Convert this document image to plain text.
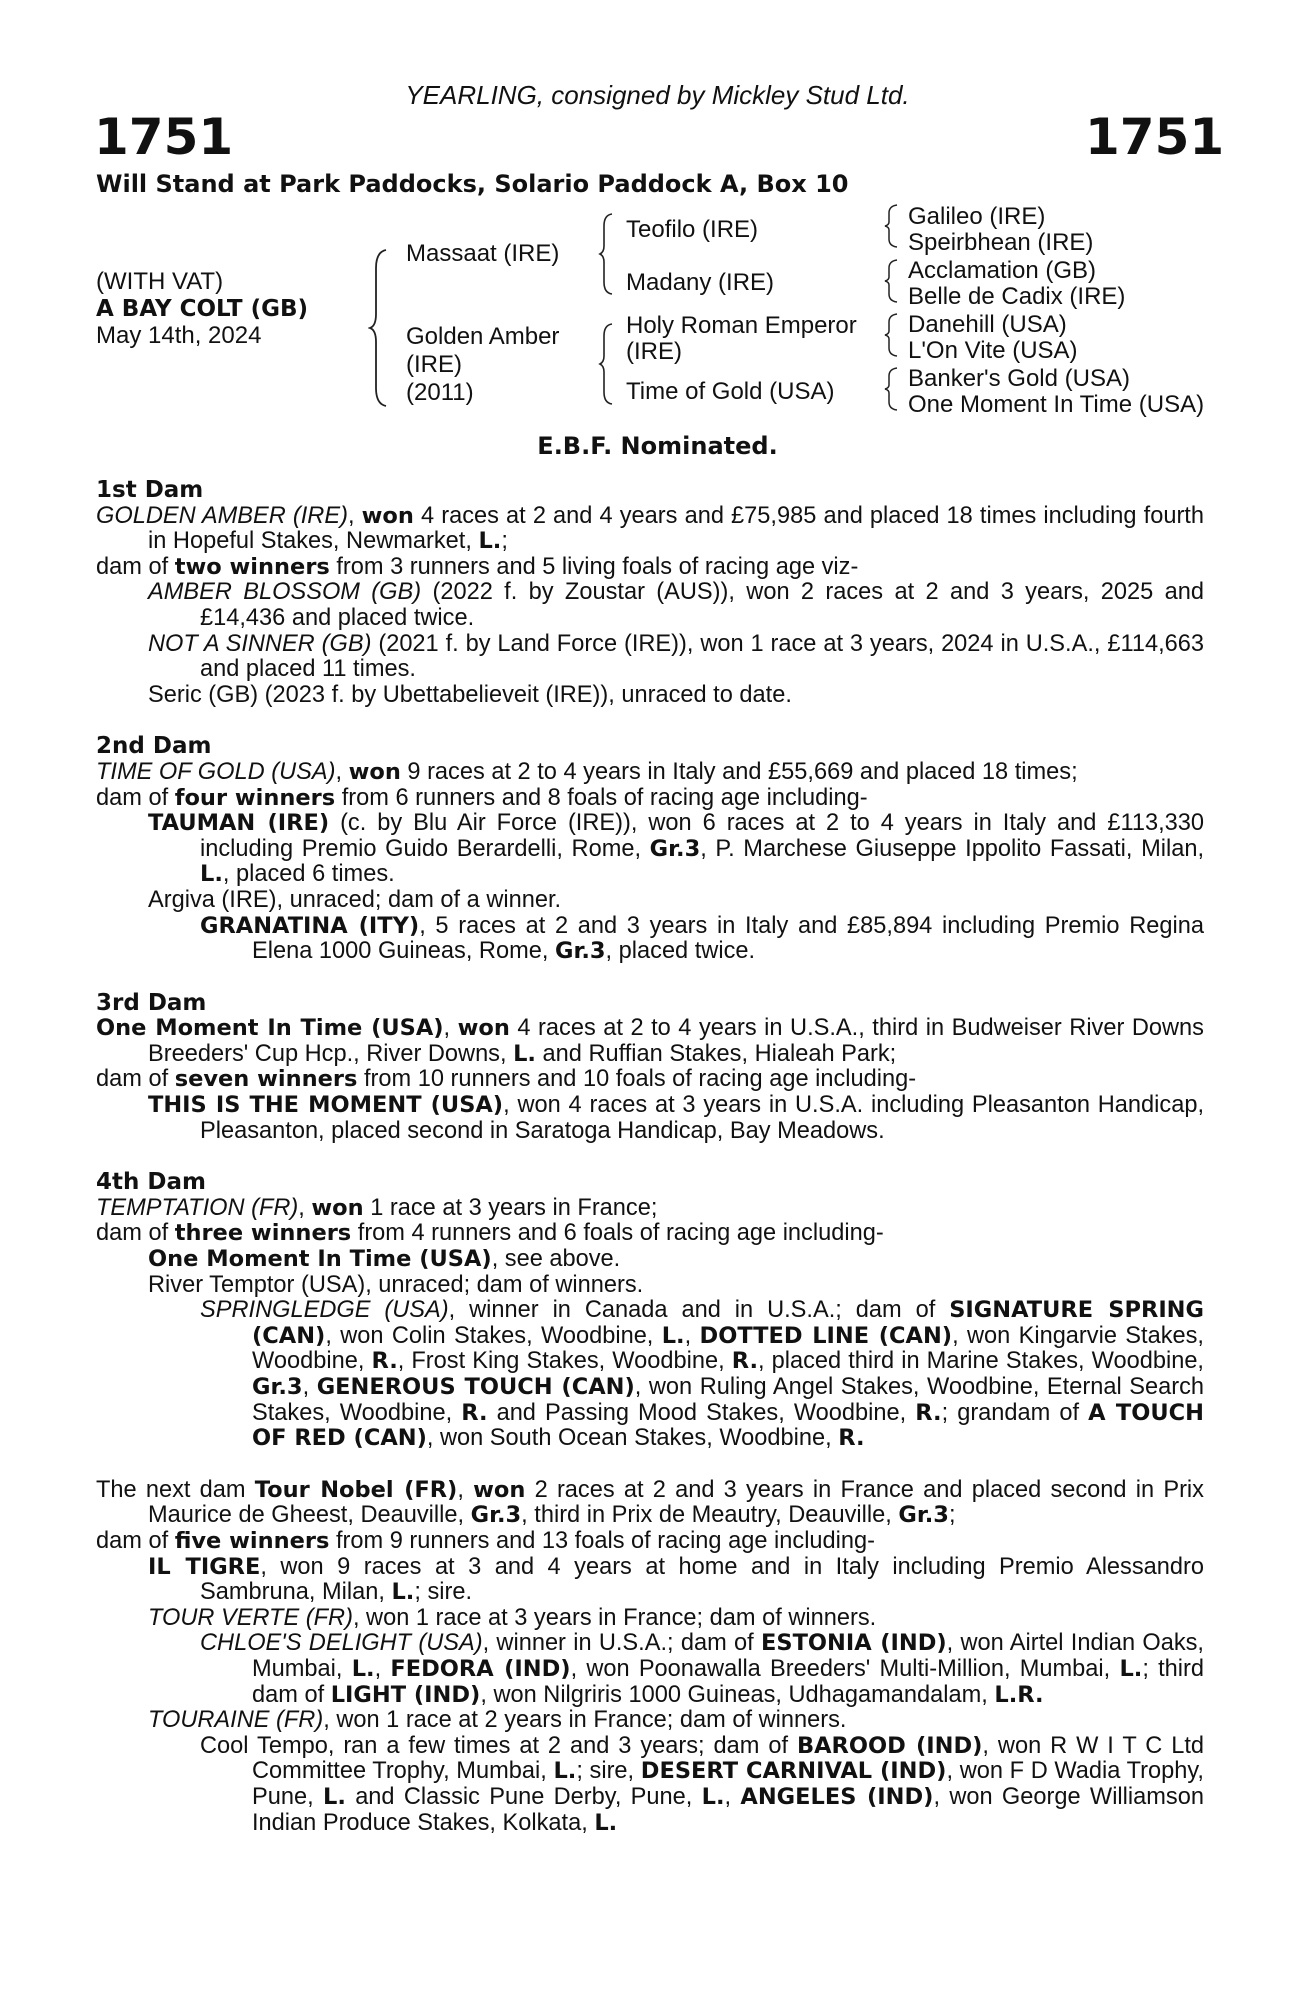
YEARLING, consigned by Mickley Stud Ltd.
1751	1751
Will Stand at Park Paddocks, Solario Paddock A, Box 10
(WITH VAT)
A BAY COLT (GB)
May 14th, 2024
Massaat (IRE)
Golden Amber
(IRE)
(2011)
Teofilo (IRE)
Madany (IRE)
Holy Roman Emperor
(IRE)
Time of Gold (USA)
Galileo (IRE)
Speirbhean (IRE)
Acclamation (GB)
Belle de Cadix (IRE)
Danehill (USA)
L'On Vite (USA)
Banker's Gold (USA)
One Moment In Time (USA)
E.B.F. Nominated.
1st Dam
GOLDEN AMBER (IRE), won 4 races at 2 and 4 years and £75,985 and placed 18 times including fourth in Hopeful Stakes, Newmarket, L.;
dam of two winners from 3 runners and 5 living foals of racing age viz-
AMBER BLOSSOM (GB) (2022 f. by Zoustar (AUS)), won 2 races at 2 and 3 years, 2025 and £14,436 and placed twice.
NOT A SINNER (GB) (2021 f. by Land Force (IRE)), won 1 race at 3 years, 2024 in U.S.A., £114,663 and placed 11 times.
Seric (GB) (2023 f. by Ubettabelieveit (IRE)), unraced to date.
2nd Dam
TIME OF GOLD (USA), won 9 races at 2 to 4 years in Italy and £55,669 and placed 18 times;
dam of four winners from 6 runners and 8 foals of racing age including-
TAUMAN (IRE) (c. by Blu Air Force (IRE)), won 6 races at 2 to 4 years in Italy and £113,330 including Premio Guido Berardelli, Rome, Gr.3, P. Marchese Giuseppe Ippolito Fassati, Milan, L., placed 6 times.
Argiva (IRE), unraced; dam of a winner.
GRANATINA (ITY), 5 races at 2 and 3 years in Italy and £85,894 including Premio Regina Elena 1000 Guineas, Rome, Gr.3, placed twice.
3rd Dam
One Moment In Time (USA), won 4 races at 2 to 4 years in U.S.A., third in Budweiser River Downs Breeders' Cup Hcp., River Downs, L. and Ruffian Stakes, Hialeah Park;
dam of seven winners from 10 runners and 10 foals of racing age including-
THIS IS THE MOMENT (USA), won 4 races at 3 years in U.S.A. including Pleasanton Handicap, Pleasanton, placed second in Saratoga Handicap, Bay Meadows.
4th Dam
TEMPTATION (FR), won 1 race at 3 years in France;
dam of three winners from 4 runners and 6 foals of racing age including-
One Moment In Time (USA), see above.
River Temptor (USA), unraced; dam of winners.
SPRINGLEDGE (USA), winner in Canada and in U.S.A.; dam of SIGNATURE SPRING (CAN), won Colin Stakes, Woodbine, L., DOTTED LINE (CAN), won Kingarvie Stakes, Woodbine, R., Frost King Stakes, Woodbine, R., placed third in Marine Stakes, Woodbine, Gr.3, GENEROUS TOUCH (CAN), won Ruling Angel Stakes, Woodbine, Eternal Search Stakes, Woodbine, R. and Passing Mood Stakes, Woodbine, R.; grandam of A TOUCH OF RED (CAN), won South Ocean Stakes, Woodbine, R.
The next dam Tour Nobel (FR), won 2 races at 2 and 3 years in France and placed second in Prix Maurice de Gheest, Deauville, Gr.3, third in Prix de Meautry, Deauville, Gr.3;
dam of five winners from 9 runners and 13 foals of racing age including-
IL TIGRE, won 9 races at 3 and 4 years at home and in Italy including Premio Alessandro Sambruna, Milan, L.; sire.
TOUR VERTE (FR), won 1 race at 3 years in France; dam of winners.
CHLOE'S DELIGHT (USA), winner in U.S.A.; dam of ESTONIA (IND), won Airtel Indian Oaks, Mumbai, L., FEDORA (IND), won Poonawalla Breeders' Multi-Million, Mumbai, L.; third dam of LIGHT (IND), won Nilgriris 1000 Guineas, Udhagamandalam, L.R.
TOURAINE (FR), won 1 race at 2 years in France; dam of winners.
Cool Tempo, ran a few times at 2 and 3 years; dam of BAROOD (IND), won R W I T C Ltd Committee Trophy, Mumbai, L.; sire, DESERT CARNIVAL (IND), won F D Wadia Trophy, Pune, L. and Classic Pune Derby, Pune, L., ANGELES (IND), won George Williamson Indian Produce Stakes, Kolkata, L.
